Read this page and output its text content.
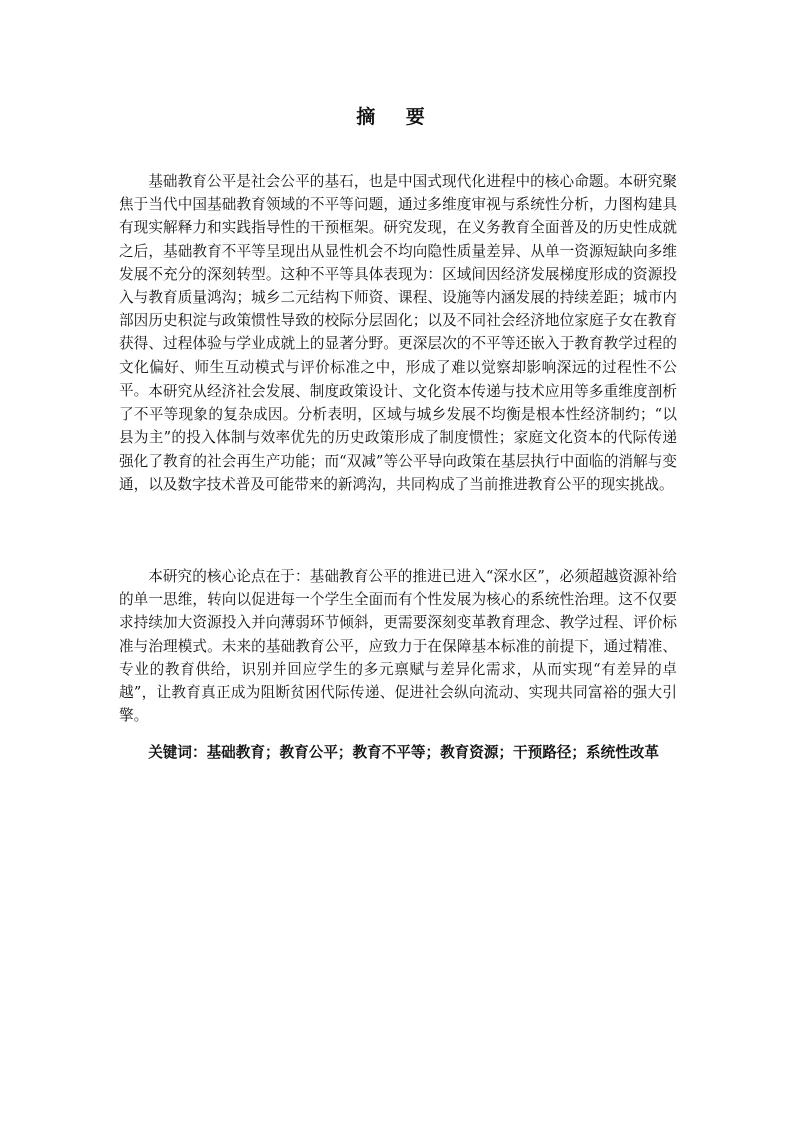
摘 要

基础教育公平是社会公平的基石，也是中国式现代化进程中的核心命题。本研究聚焦于当代中国基础教育领域的不平等问题，通过多维度审视与系统性分析，力图构建具有现实解释力和实践指导性的干预框架。研究发现，在义务教育全面普及的历史性成就之后，基础教育不平等呈现出从显性机会不均向隐性质量差异、从单一资源短缺向多维发展不充分的深刻转型。这种不平等具体表现为：区域间因经济发展梯度形成的资源投入与教育质量鸿沟；城乡二元结构下师资、课程、设施等内涵发展的持续差距；城市内部因历史积淀与政策惯性导致的校际分层固化；以及不同社会经济地位家庭子女在教育获得、过程体验与学业成就上的显著分野。更深层次的不平等还嵌入于教育教学过程的文化偏好、师生互动模式与评价标准之中，形成了难以觉察却影响深远的过程性不公平。 本研究从经济社会发展、制度政策设计、文化资本传递与技术应用等多重维度剖析了不平等现象的复杂成因。分析表明，区域与城乡发展不均衡是根本性经济制约；“以县为主”的投入体制与效率优先的历史政策形成了制度惯性；家庭文化资本的代际传递强化了教育的社会再生产功能；而“双减”等公平导向政策在基层执行中面临的消解与变通，以及数字技术普及可能带来的新鸿沟，共同构成了当前推进教育公平的现实挑战。

本研究的核心论点在于：基础教育公平的推进已进入“深水区”，必须超越资源补给的单一思维，转向以促进每一个学生全面而有个性发展为核心的系统性治理。这不仅要求持续加大资源投入并向薄弱环节倾斜，更需要深刻变革教育理念、教学过程、评价标准与治理模式。未来的基础教育公平，应致力于在保障基本标准的前提下，通过精准、专业的教育供给，识别并回应学生的多元禀赋与差异化需求，从而实现“有差异的卓越”，让教育真正成为阻断贫困代际传递、促进社会纵向流动、实现共同富裕的强大引擎。

关键词：基础教育；教育公平；教育不平等；教育资源；干预路径；系统性改革
